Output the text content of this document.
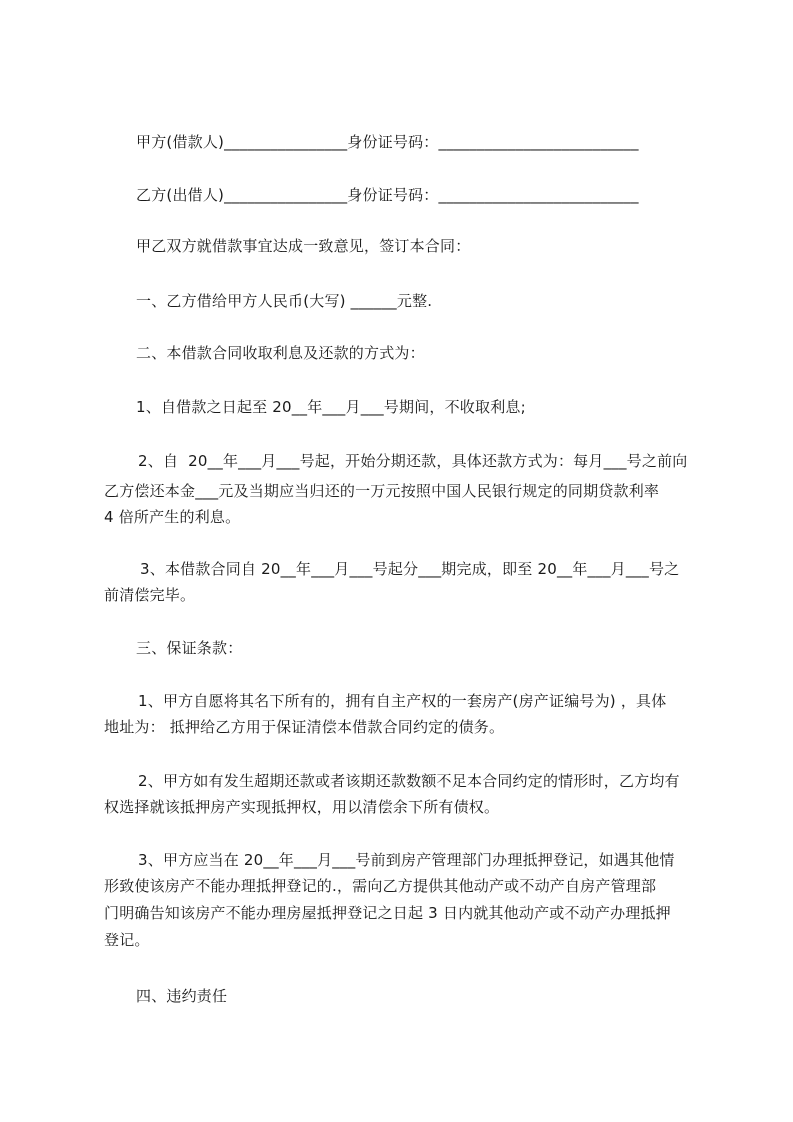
甲方(借款人)________________身份证号码：__________________________
乙方(出借人)________________身份证号码：__________________________
甲乙双方就借款事宜达成一致意见，签订本合同：
一、乙方借给甲方人民币(大写) ______元整.
二、本借款合同收取利息及还款的方式为：
1、自借款之日起至 20__年___月___号期间，不收取利息;
2、自  20__年___月___号起，开始分期还款，具体还款方式为：每月___号之前向
乙方偿还本金___元及当期应当归还的一万元按照中国人民银行规定的同期贷款利率
4 倍所产生的利息。
3、本借款合同自 20__年___月___号起分___期完成，即至 20__年___月___号之
前清偿完毕。
三、保证条款：
1、甲方自愿将其名下所有的，拥有自主产权的一套房产(房产证编号为) ，具体
地址为： 抵押给乙方用于保证清偿本借款合同约定的债务。
2、甲方如有发生超期还款或者该期还款数额不足本合同约定的情形时，乙方均有
权选择就该抵押房产实现抵押权，用以清偿余下所有债权。
3、甲方应当在 20__年___月___号前到房产管理部门办理抵押登记，如遇其他情
形致使该房产不能办理抵押登记的.，需向乙方提供其他动产或不动产自房产管理部
门明确告知该房产不能办理房屋抵押登记之日起 3 日内就其他动产或不动产办理抵押
登记。
四、违约责任
